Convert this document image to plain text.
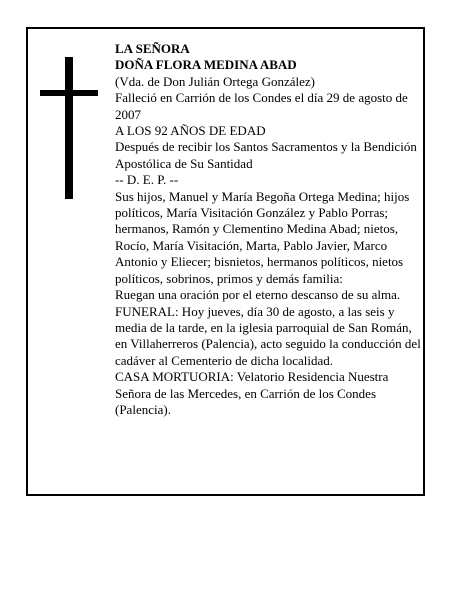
LA SEÑORA

DOÑA FLORA MEDINA ABAD

(Vda. de Don Julián Ortega González)

Falleció en Carrión de los Condes el día 29 de agosto de 2007

A LOS 92 AÑOS DE EDAD

Después de recibir los Santos Sacramentos y la Bendición Apostólica de Su Santidad

-- D. E. P. --

Sus hijos, Manuel y María Begoña Ortega Medina; hijos políticos, María Visitación González y Pablo Porras; hermanos, Ramón y Clementino Medina Abad; nietos, Rocío, María Visitación, Marta, Pablo Javier, Marco Antonio y Eliecer; bisnietos, hermanos políticos, nietos políticos, sobrinos, primos y demás familia:

Ruegan una oración por el eterno descanso de su alma.

FUNERAL: Hoy jueves, día 30 de agosto, a las seis y media de la tarde, en la iglesia parroquial de San Román, en Villaherreros (Palencia), acto seguido la conducción del cadáver al Cementerio de dicha localidad.

CASA MORTUORIA: Velatorio Residencia Nuestra Señora de las Mercedes, en Carrión de los Condes (Palencia).
